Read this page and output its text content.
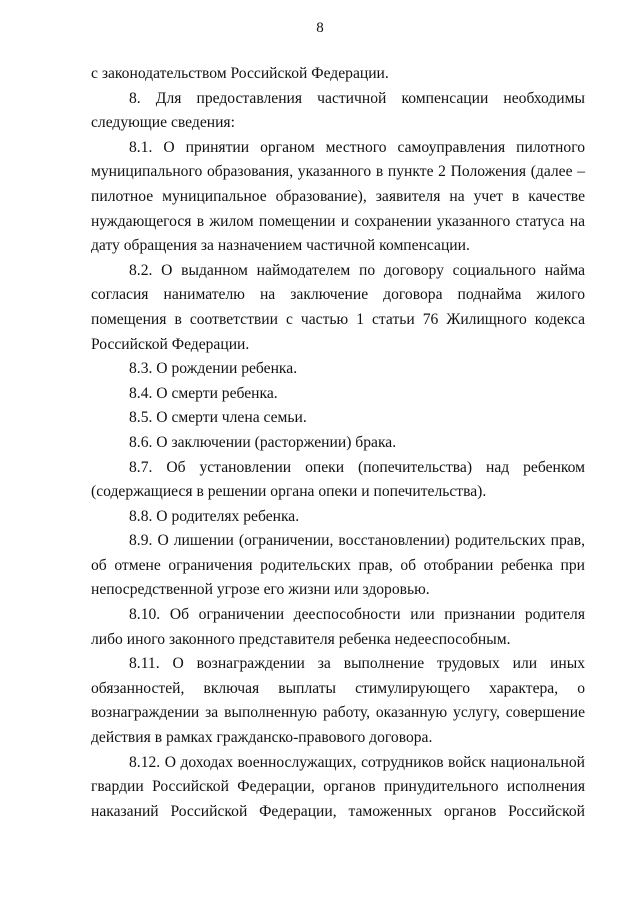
8

с законодательством Российской Федерации.

8. Для предоставления частичной компенсации необходимы следующие сведения:

8.1. О принятии органом местного самоуправления пилотного муниципального образования, указанного в пункте 2 Положения (далее – пилотное муниципальное образование), заявителя на учет в качестве нуждающегося в жилом помещении и сохранении указанного статуса на дату обращения за назначением частичной компенсации.

8.2. О выданном наймодателем по договору социального найма согласия нанимателю на заключение договора поднайма жилого помещения в соответствии с частью 1 статьи 76 Жилищного кодекса Российской Федерации.

8.3. О рождении ребенка.

8.4. О смерти ребенка.

8.5. О смерти члена семьи.

8.6. О заключении (расторжении) брака.

8.7. Об установлении опеки (попечительства) над ребенком (содержащиеся в решении органа опеки и попечительства).

8.8. О родителях ребенка.

8.9. О лишении (ограничении, восстановлении) родительских прав, об отмене ограничения родительских прав, об отобрании ребенка при непосредственной угрозе его жизни или здоровью.

8.10. Об ограничении дееспособности или признании родителя либо иного законного представителя ребенка недееспособным.

8.11. О вознаграждении за выполнение трудовых или иных обязанностей, включая выплаты стимулирующего характера, о вознаграждении за выполненную работу, оказанную услугу, совершение действия в рамках гражданско-правового договора.

8.12. О доходах военнослужащих, сотрудников войск национальной гвардии Российской Федерации, органов принудительного исполнения наказаний Российской Федерации, таможенных органов Российской
